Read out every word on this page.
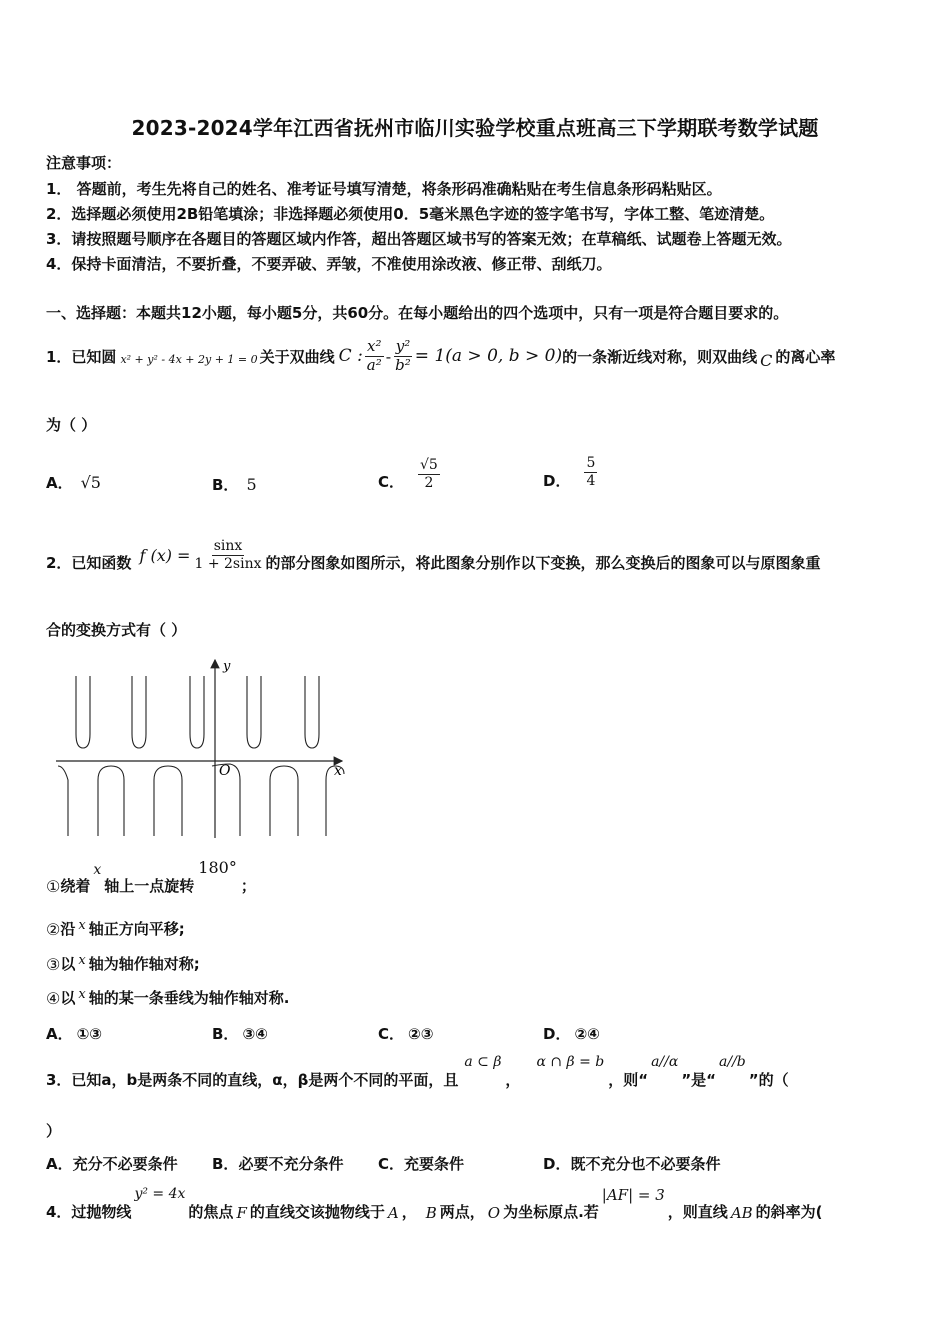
2023-2024学年江西省抚州市临川实验学校重点班高三下学期联考数学试题
注意事项：
1． 答题前，考生先将自己的姓名、准考证号填写清楚，将条形码准确粘贴在考生信息条形码粘贴区。
2．选择题必须使用2B铅笔填涂；非选择题必须使用0．5毫米黑色字迹的签字笔书写，字体工整、笔迹清楚。
3．请按照题号顺序在各题目的答题区域内作答，超出答题区域书写的答案无效；在草稿纸、试题卷上答题无效。
4．保持卡面清洁，不要折叠，不要弄破、弄皱，不准使用涂改液、修正带、刮纸刀。
一、选择题：本题共12小题，每小题5分，共60分。在每小题给出的四个选项中，只有一项是符合题目要求的。
1．已知圆 x² + y² - 4x + 2y + 1 = 0 关于双曲线 C : $\frac{\text{x²}}{\text{a²}} - \frac{\text{y²}}{\text{b²}} = 1(a > 0$, b > 0) 的一条渐近线对称，则双曲线 C 的离心率
为（ ）
A． √5	B． 5	C． $\frac{√5}{2}$	D． $\frac{5}{4}$
2．已知函数 f $(x) = \frac{\sin x}{1 + 2\sin x}$ 的部分图象如图所示，将此图象分别作以下变换，那么变换后的图象可以与原图象重
合的变换方式有（ ）
y
x
O
① 绕着
x
轴上一点旋转
180°
；
② 沿 x 轴正方向平移;
③ 以 x 轴为轴作轴对称;
④ 以 x 轴的某一条垂线为轴作轴对称.
A． ①③	B． ③④	C． ②③	D． ②④
3．已知a，b是两条不同的直线，α，β是两个不同的平面，且
a ⊂ β
，
α ∩ β = b
，则“
a//α
”是“
a//b
”的（
）
A．充分不必要条件 B．必要不充分条件 C．充要条件	D．既不充分也不必要条件
4．过抛物线
y² = 4x
的焦点 F 的直线交该抛物线于 A ， B 两点， O 为坐标原点.若
|AF| = 3
，则直线 AB 的斜率为(
